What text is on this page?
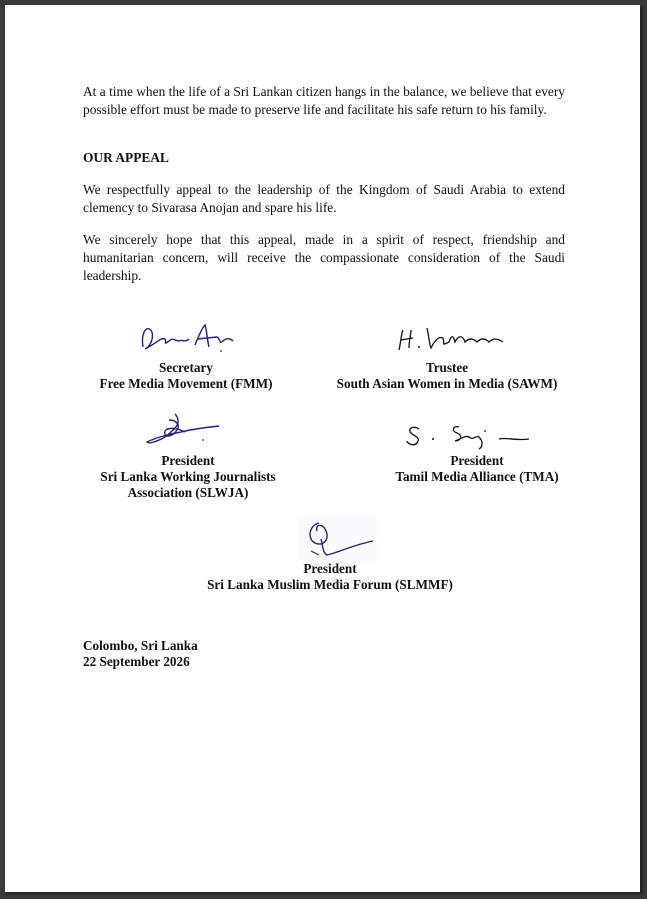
At a time when the life of a Sri Lankan citizen hangs in the balance, we believe that every possible effort must be made to preserve life and facilitate his safe return to his family.

OUR APPEAL

We respectfully appeal to the leadership of the Kingdom of Saudi Arabia to extend clemency to Sivarasa Anojan and spare his life.

We sincerely hope that this appeal, made in a spirit of respect, friendship and humanitarian concern, will receive the compassionate consideration of the Saudi leadership.

Secretary
Free Media Movement (FMM)
Trustee
South Asian Women in Media (SAWM)
President
Sri Lanka Working Journalists
Association (SLWJA)
President
Tamil Media Alliance (TMA)
President
Sri Lanka Muslim Media Forum (SLMMF)
Colombo, Sri Lanka
22 September 2026
